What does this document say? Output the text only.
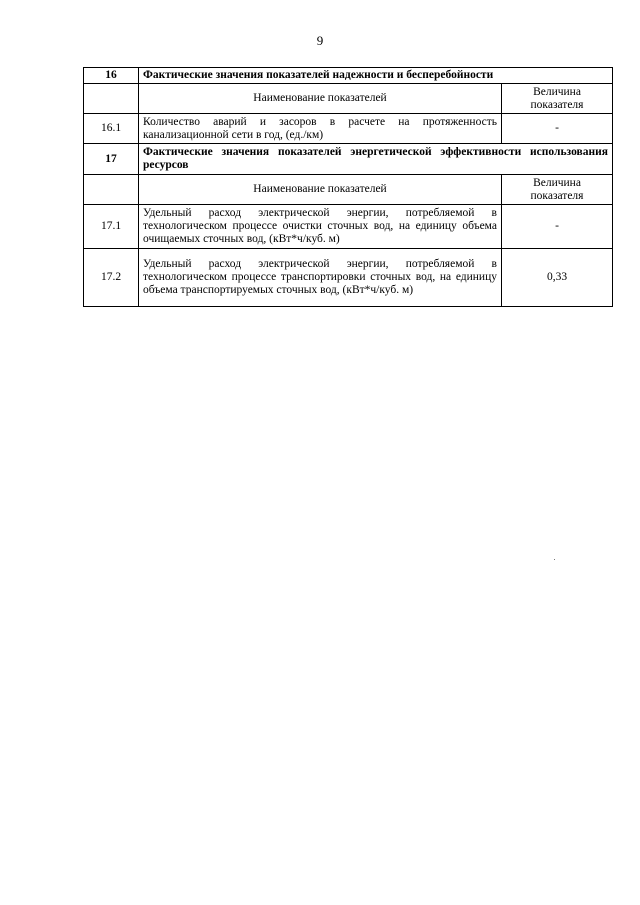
9
16	Фактические значения показателей надежности и бесперебойности	
	Наименование показателей	Величина показателя
16.1	Количество аварий и засоров в расчете на протяженность канализационной сети в год, (ед./км)	-
17	Фактические значения показателей энергетической эффективности использования ресурсов	
	Наименование показателей	Величина показателя
17.1	Удельный расход электрической энергии, потребляемой в технологическом процессе очистки сточных вод, на единицу объема очищаемых сточных вод, (кВт*ч/куб. м)	-
17.2	Удельный расход электрической энергии, потребляемой в технологическом процессе транспортировки сточных вод, на единицу объема транспортируемых сточных вод, (кВт*ч/куб. м)	0,33
